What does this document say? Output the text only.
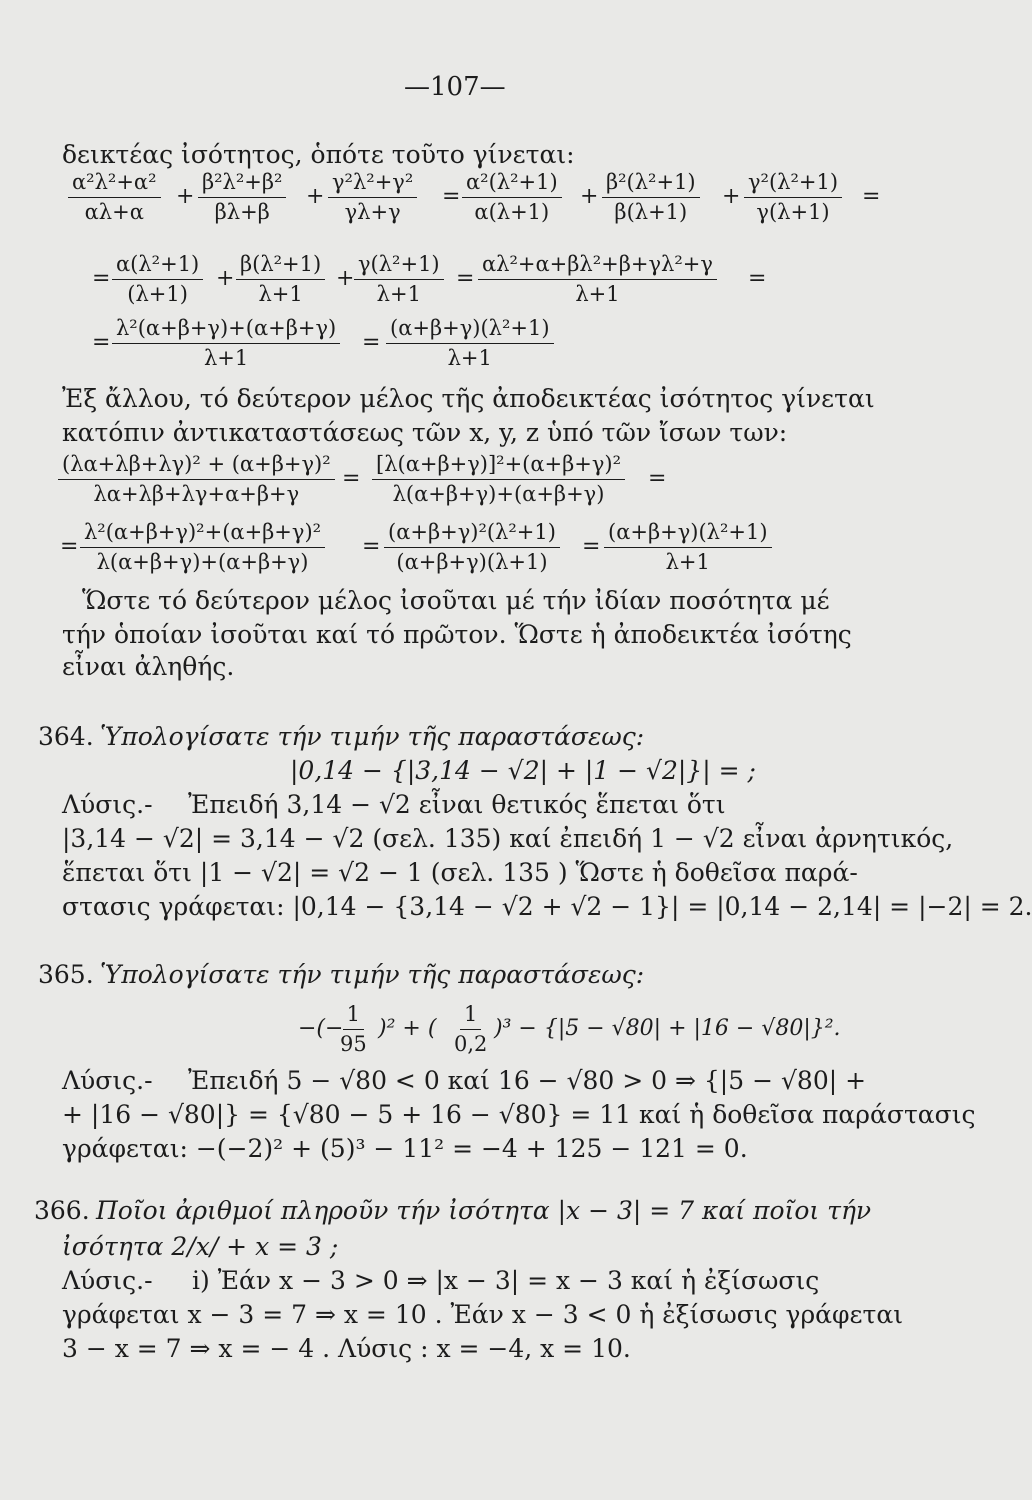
—107—
δεικτέας ἰσότητος, ὁπότε τοῦτο γίνεται:
$\frac{\text{α²λ²+α²}}{\alpha\lambda+\alpha} + \frac{\text{β²λ²+β²}}{\beta\lambda+\beta} + \frac{\text{γ²λ²+γ²}}{\gamma\lambda+\gamma} = \frac{\text{α²(λ²+1)}}{\alpha(\lambda+1)} + \frac{\text{β²(λ²+1)}}{\beta(\lambda+1)} + \frac{\text{γ²(λ²+1)}}{\gamma(\lambda+1)}$ =
= $\frac{\text{α(λ²+1)}}{(\lambda+1)} + \frac{\text{β(λ²+1)}}{\lambda+1} + \frac{\text{γ(λ²+1)}}{\lambda+1} = \frac{\text{αλ²+α+βλ²+β+γλ²+γ}}{\lambda+1}$ =
= $\frac{\text{λ²(α+β+γ)+(α+β+γ)}}{\lambda+1} = \frac{\text{(α+β+γ)(λ²+1)}}{\lambda+1}$
Ἐξ ἄλλου, τό δεύτερον μέλος τῆς ἀποδεικτέας ἰσότητος γίνεται
κατόπιν ἀντικαταστάσεως τῶν x, y, z ὑπό τῶν ἴσων των:
$\frac{\text{(λα+λβ+λγ)² + (α+β+γ)²}}{\lambda\alpha+\lambda\beta+\lambda\gamma+\alpha+\beta+\gamma} = \frac{\text{[λ(α+β+γ)]²+(α+β+γ)²}}{\lambda(\alpha+\beta+\gamma)+(\alpha+\beta+\gamma)}$ =
= $\frac{\text{λ²(α+β+γ)²+(α+β+γ)²}}{\lambda(\alpha+\beta+\gamma)+(\alpha+\beta+\gamma)} = \frac{\text{(α+β+γ)²(λ²+1)}}{(\alpha+\beta+\gamma)(\lambda+1)} = \frac{\text{(α+β+γ)(λ²+1)}}{\lambda+1}$
Ὥστε τό δεύτερον μέλος ἰσοῦται μέ τήν ἰδίαν ποσότητα μέ
τήν ὁποίαν ἰσοῦται καί τό πρῶτον. Ὥστε ἡ ἀποδεικτέα ἰσότης
εἶναι ἀληθής.
364. Ὑπολογίσατε τήν τιμήν τῆς παραστάσεως:
|0,14 − {|3,14 − √2| + |1 − √2|}| = ;
Λύσις.- Ἐπειδή 3,14 − √2 εἶναι θετικός ἕπεται ὅτι
|3,14 − √2| = 3,14 − √2 (σελ. 135) καί ἐπειδή 1 − √2 εἶναι ἀρνητικός,
ἕπεται ὅτι |1 − √2| = √2 − 1 (σελ. 135 ) Ὥστε ἡ δοθεῖσα παρά-
στασις γράφεται: |0,14 − {3,14 − √2 + √2 − 1}| = |0,14 − 2,14| = |−2| = 2.
365. Ὑπολογίσατε τήν τιμήν τῆς παραστάσεως:
−(−
$\frac{1}{95} )^2$ + ( $\frac{1}{0,2} )^3 - \{|5 - √80| + |16 - √80|\}^2$.
Λύσις.- Ἐπειδή 5 − √80 < 0 καί 16 − √80 > 0 ⇒ {|5 − √80| +
+ |16 − √80|} = {√80 − 5 + 16 − √80} = 11 καί ἡ δοθεῖσα παράστασις
γράφεται: −(−2)² + (5)³ − 11² = −4 + 125 − 121 = 0.
366. Ποῖοι ἀριθμοί πληροῦν τήν ἰσότητα |x − 3| = 7 καί ποῖοι τήν
ἰσότητα 2/x/ + x = 3 ;
Λύσις.- i) Ἐάν x − 3 > 0 ⇒ |x − 3| = x − 3 καί ἡ ἐξίσωσις
γράφεται x − 3 = 7 ⇒ x = 10 . Ἐάν x − 3 < 0 ἡ ἐξίσωσις γράφεται
3 − x = 7 ⇒ x = − 4 . Λύσις : x = −4, x = 10.
